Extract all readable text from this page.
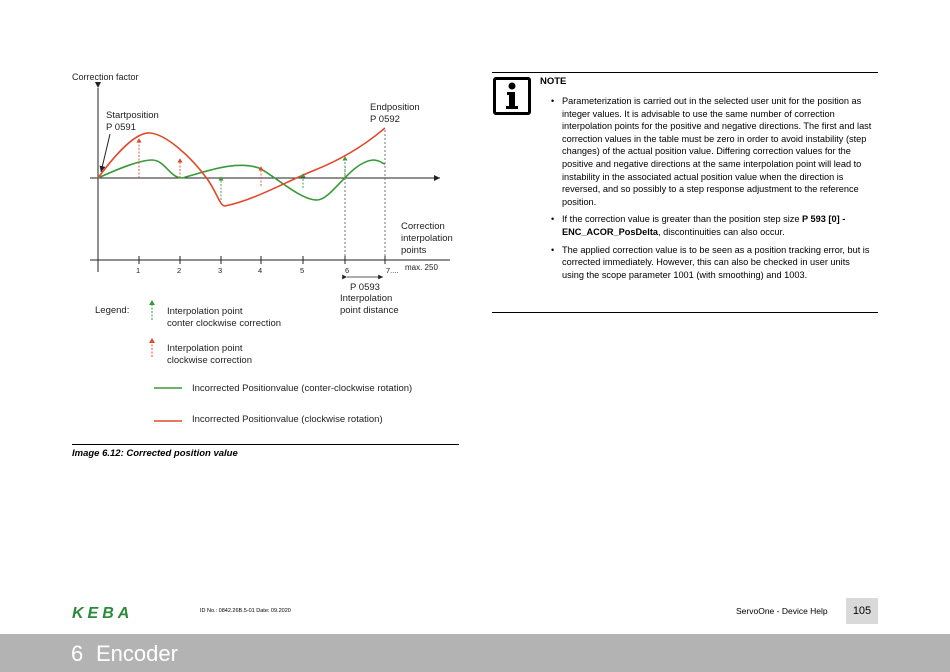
Correction factor
1	2	3	4	5	6	7.... max. 250
Startposition
P 0591
Endposition
P 0592
Correction
interpolation
points
P 0593
Interpolation
point distance
Legend:	Interpolation point
conter clockwise correction
Interpolation point
clockwise correction
Incorrected Positionvalue (conter-clockwise rotation)
Incorrected Positionvalue (clockwise rotation)
Image 6.12: Corrected position value
NOTE
• Parameterization is carried out in the selected user unit for the position as integer values. It is advisable to use the same number of correction interpolation points for the positive and negative directions. The first and last correction values in the table must be zero in order to avoid instability (step changes) of the actual position value. Differing correction values for the positive and negative directions at the same interpolation point will lead to instability in the associated actual position value when the direction is reversed, and so possibly to a step response adjustment to the reference position.
• If the correction value is greater than the position step size P 593 [0] - ENC_ACOR_PosDelta, discontinuities can also occur.
• The applied correction value is to be seen as a position tracking error, but is corrected immediately. However, this can also be checked in user units using the scope parameter 1001 (with smoothing) and 1003.
KEBA	ID No.: 0842.26B.5-01 Date: 09.2020	ServoOne - Device Help	105
6 Encoder
